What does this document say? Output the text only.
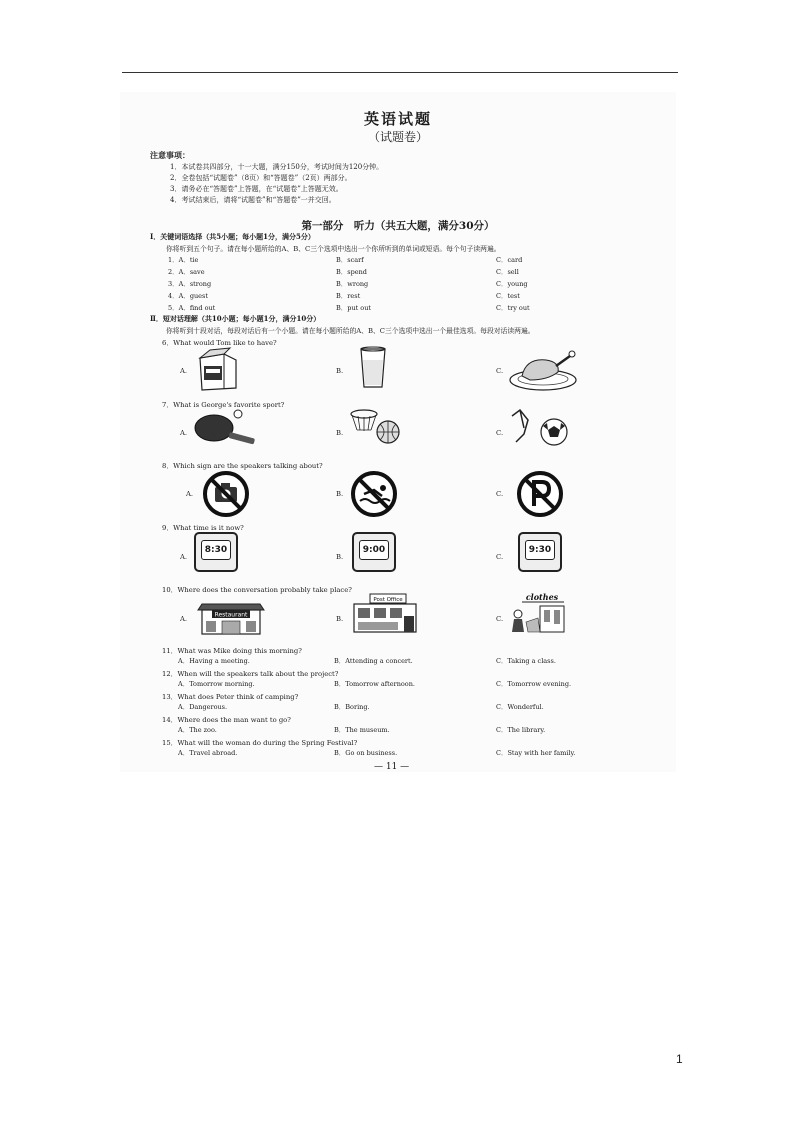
英语试题
（试题卷）
注意事项：
1．本试卷共四部分，十一大题，满分150分，考试时间为120分钟。
2．全卷包括“试题卷”（8页）和“答题卷”（2页）两部分。
3．请务必在“答题卷”上答题，在“试题卷”上答题无效。
4．考试结束后，请将“试题卷”和“答题卷”一并交回。
第一部分　听力（共五大题，满分30分）
Ⅰ．关键词语选择（共5小题；每小题1分，满分5分）
你将听到五个句子。请在每小题所给的A、B、C三个选项中选出一个你所听到的单词或短语。每个句子读两遍。
1．A．tie	B．scarf	C．card
2．A．save	B．spend	C．sell
3．A．strong	B．wrong	C．young
4．A．guest	B．rest	C．test
5．A．find out	B．put out	C．try out
Ⅱ．短对话理解（共10小题；每小题1分，满分10分）
你将听到十段对话，每段对话后有一个小题。请在每小题所给的A、B、C三个选项中选出一个最佳选项。每段对话读两遍。
6．What would Tom like to have?
A.	B.	C.
7．What is George's favorite sport?
A.	B.	C.
8．Which sign are the speakers talking about?
A.	B.	C.
9．What time is it now?
A.
8:30
B.
9:00
C.
9:30
10．Where does the conversation probably take place?
A.	Restaurant	B.
Post Office
C.
clothes
11．What was Mike doing this morning?
A．Having a meeting.	B．Attending a concert.	C．Taking a class.
12．When will the speakers talk about the project?
A．Tomorrow morning.	B．Tomorrow afternoon.	C．Tomorrow evening.
13．What does Peter think of camping?
A．Dangerous.	B．Boring.	C．Wonderful.
14．Where does the man want to go?
A．The zoo.	B．The museum.	C．The library.
15．What will the woman do during the Spring Festival?
A．Travel abroad.	B．Go on business.	C．Stay with her family.
— 11 —
1
